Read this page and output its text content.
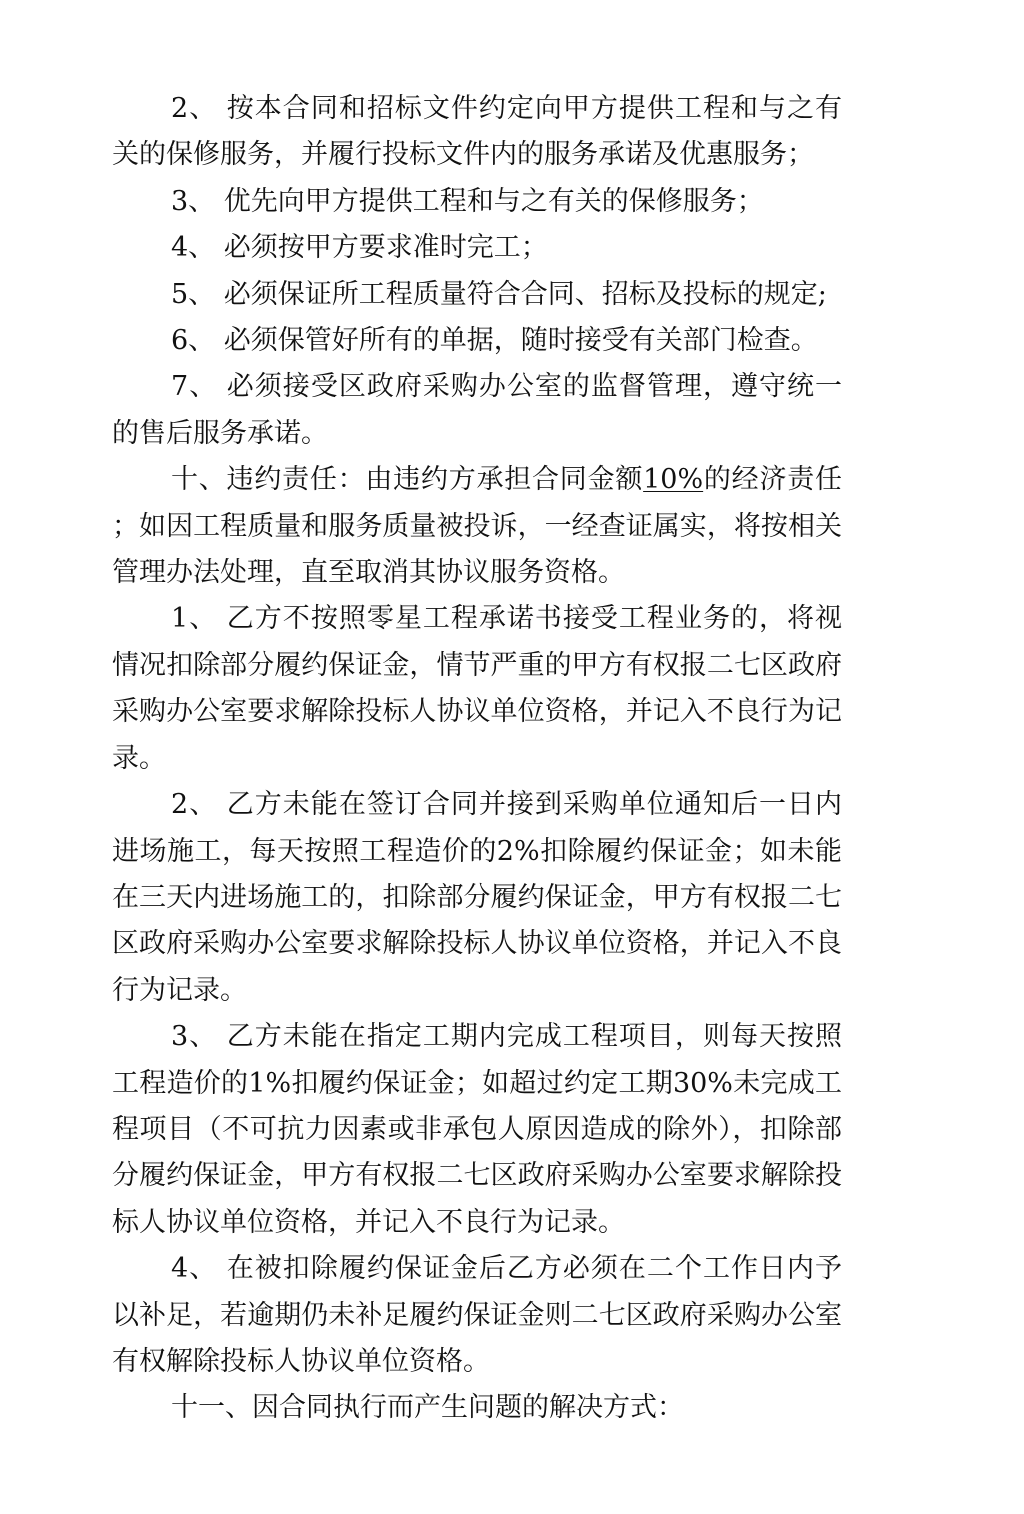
2、 按本合同和招标文件约定向甲方提供工程和与之有关的保修服务，并履行投标文件内的服务承诺及优惠服务；

3、 优先向甲方提供工程和与之有关的保修服务；

4、 必须按甲方要求准时完工；

5、 必须保证所工程质量符合合同、招标及投标的规定;

6、 必须保管好所有的单据，随时接受有关部门检查。

7、 必须接受区政府采购办公室的监督管理，遵守统一的售后服务承诺。

十、违约责任：由违约方承担合同金额10%的经济责任；如因工程质量和服务质量被投诉，一经查证属实，将按相关管理办法处理，直至取消其协议服务资格。

1、 乙方不按照零星工程承诺书接受工程业务的，将视情况扣除部分履约保证金，情节严重的甲方有权报二七区政府采购办公室要求解除投标人协议单位资格，并记入不良行为记录。

2、 乙方未能在签订合同并接到采购单位通知后一日内进场施工，每天按照工程造价的2%扣除履约保证金；如未能在三天内进场施工的，扣除部分履约保证金，甲方有权报二七区政府采购办公室要求解除投标人协议单位资格，并记入不良行为记录。

3、 乙方未能在指定工期内完成工程项目，则每天按照工程造价的1%扣履约保证金；如超过约定工期30%未完成工程项目（不可抗力因素或非承包人原因造成的除外），扣除部分履约保证金，甲方有权报二七区政府采购办公室要求解除投标人协议单位资格，并记入不良行为记录。

4、 在被扣除履约保证金后乙方必须在二个工作日内予以补足，若逾期仍未补足履约保证金则二七区政府采购办公室有权解除投标人协议单位资格。

十一、因合同执行而产生问题的解决方式：
